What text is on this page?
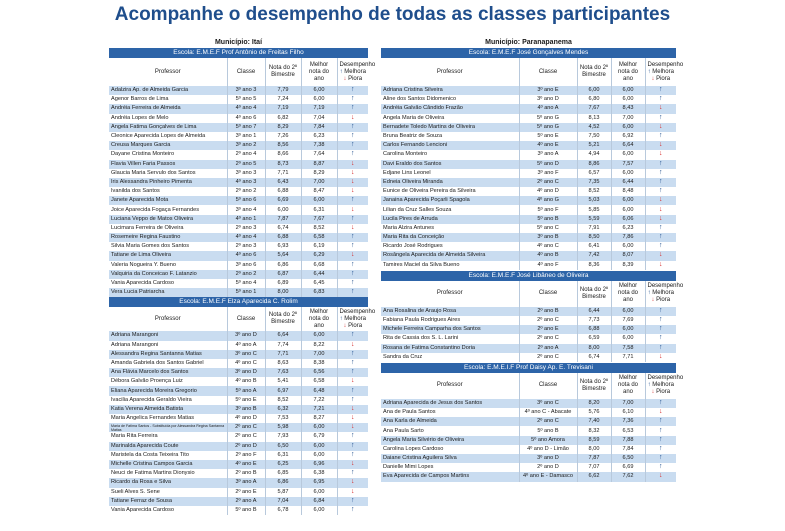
Acompanhe o desempenho de todas as classes participantes
Município: Itaí
Escola: E.M.E.F Prof Antônio de Freitas Filho
Professor	Classe	Nota do 2º Bimestre	Melhor nota do ano	Desempenho
↑ Melhora
↓ Piora
Adalzira Ap. de Almeida Garcia	3º ano 3	7,79	6,00	↑
Agenor Barros de Lima	5º ano 5	7,24	6,00	↑
Andréia Ferreira de Almeida	4º ano 4	7,19	7,19	↑
Andréia Lopes de Melo	4º ano 6	6,82	7,04	↓
Angela Fatima Gonçalves de Lima	5º ano 7	8,29	7,84	↑
Cleonice Aparecida Lopes de Almeida	3º ano 1	7,26	6,23	↑
Creusa Marques Garcia	3º ano 2	8,56	7,38	↑
Dayane Cristina Monteiro	2º ano 4	8,66	7,64	↑
Flavia Villen Faria Passos	2º ano 5	8,73	8,87	↓
Glaucia Maria Servulo dos Santos	3º ano 3	7,71	8,29	↓
Iris Alessandra Pinheiro Pimenta	4º ano 3	6,43	7,00	↓
Ivanilda dos Santos	2º ano 2	6,88	8,47	↓
Janete Aparecida Mota	5º ano 6	6,69	6,00	↑
Joice Aparecida Fogaça Fernandes	3º ano 4	6,00	6,31	↓
Luciana Veppo de Matos Oliveira	4º ano 1	7,87	7,67	↑
Lucimara Ferreira de Oliveira	2º ano 3	6,74	8,52	↓
Rosemeire Regina Faustino	4º ano 4	6,88	6,58	↑
Silvia Maria Gomes dos Santos	2º ano 3	6,93	6,19	↑
Tatiane de Lima Oliveira	4º ano 6	5,64	6,29	↓
Valeria Nogueira Y. Bueno	3º ano 6	6,86	6,68	↑
Valquiria da Conceicao F. Latanzio	2º ano 2	6,87	6,44	↑
Vania Aparecida Cardoso	5º ano 4	6,89	6,45	↑
Vera Lucia Patriarcha	5º ano 1	8,00	6,83	↑
Escola: E.M.E.F Elza Aparecida C. Rolim
Professor	Classe	Nota do 2º Bimestre	Melhor nota do ano	Desempenho
↑ Melhora
↓ Piora
Adriana Marangoni	3º ano D	6,64	6,00	↑
Adriana Marangoni	4º ano A	7,74	8,22	↓
Alessandra Regina Santanna Matias	3º ano C	7,71	7,00	↑
Amanda Gabriela dos Santos Gabriel	4º ano C	8,63	8,38	↑
Ana Flávia Marcelo dos Santos	3º ano D	7,63	6,56	↑
Débora Galvão Proença Luiz	4º ano B	5,41	6,58	↓
Eliana Aparecida Moreira Gregorio	5º ano A	6,97	6,48	↑
Ivacilia Aparecida Geraldo Vieira	5º ano E	8,52	7,22	↑
Katia Verena Almeida Batista	3º ano B	6,32	7,21	↓
Maria Angelica Fernandes Matias	4º ano D	7,53	8,27	↓
Maria de Fatima Santos - Substituída por Alessandra Regina Santanna Matias	2º ano C	5,98	6,00	↓
Maria Rita Ferreira	2º ano C	7,93	6,79	↑
Marinalda Aparecida Coute	2º ano D	6,50	6,00	↑
Maristela da Costa Teixeira Tito	2º ano F	6,31	6,00	↑
Michelle Cristina Campos Garcia	4º ano E	6,25	6,96	↓
Neuci de Fatima Martins Dionysio	2º ano B	6,85	6,38	↑
Ricardo da Rosa e Silva	3º ano A	6,86	6,95	↓
Sueli Alves S. Sene	2º ano E	5,87	6,00	↓
Tatiane Ferraz de Sousa	2º ano A	7,04	6,84	↑
Vania Aparecida Cardoso	5º ano B	6,78	6,00	↑
Município: Paranapanema
Escola: E.M.E.F José Gonçalves Mendes
Professor	Classe	Nota do 2º Bimestre	Melhor nota do ano	Desempenho
↑ Melhora
↓ Piora
Adriana Cristina Silveira	3º ano E	6,00	6,00	↑
Aline dos Santos Didomenico	3º ano D	6,80	6,00	↑
Andréia Galvão Cândido Frazão	4º ano A	7,67	8,43	↓
Angela Maria de Oliveira	5º ano G	8,13	7,00	↑
Bernadete Toledo Martins de Oliveira	5º ano G	4,52	6,00	↓
Bruna Beatriz de Souza	5º ano E	7,50	6,92	↑
Carlos Fernando Lencioni	4º ano E	5,21	6,64	↓
Carolina Monteiro	3º ano A	4,94	6,00	↓
Davi Eraldo dos Santos	5º ano D	8,86	7,57	↑
Edjane Lins Leonel	3º ano F	6,57	6,00	↑
Edneia Oliveira Miranda	2º ano C	7,35	6,44	↑
Eunice de Oliveira Pereira da Silveira	4º ano D	8,52	8,48	↑
Janaina Aparecida Poçarli Spagola	4º ano G	5,03	6,00	↓
Lilian da Cruz Salles Souza	5º ano F	5,85	6,00	↓
Lucila Pires de Arruda	5º ano B	5,59	6,06	↓
Maria Alzira Antunes	5º ano C	7,91	6,23	↑
Maria Rita da Conceição	3º ano B	8,50	7,86	↑
Ricardo José Rodrigues	4º ano C	6,41	6,00	↑
Rosângela Aparecida de Almeida Silveira	4º ano B	7,42	8,07	↓
Tamires Maciel da Silva Bueno	4º ano F	8,36	8,39	↓
Escola: E.M.E.F José Libâneo de Oliveira
Professor	Classe	Nota do 2º Bimestre	Melhor nota do ano	Desempenho
↑ Melhora
↓ Piora
Ana Rosalina de Araujo Rosa	2º ano B	6,44	6,00	↑
Fabiana Paula Rodrigues Aires	2º ano C	7,73	7,69	↑
Michele Ferreira Camparha dos Santos	2º ano E	6,88	6,00	↑
Rita de Cassia dos S. L. Larini	2º ano C	6,59	6,00	↑
Rosana de Fatima Constantino Doria	2º ano A	8,00	7,58	↑
Sandra da Cruz	2º ano C	6,74	7,71	↓
Escola: E.M.E.I.F Prof Daisy Ap. E. Trevisani
Professor	Classe	Nota do 2º Bimestre	Melhor nota do ano	Desempenho
↑ Melhora
↓ Piora
Adriana Aparecida de Jesus dos Santos	3º ano C	8,20	7,00	↑
Ana de Paula Santos	4º ano C - Abacate	5,76	6,10	↓
Ana Karla de Almeida	2º ano C	7,40	7,36	↑
Ana Paula Sarto	5º ano B	8,32	6,53	↑
Angela Maria Silvério de Oliveira	5º ano Amora	8,59	7,88	↑
Carolina Lopes Cardoso	4º ano D - Limão	8,00	7,84	↑
Daiane Cristina Aguilera Silva	3º ano D	7,87	6,50	↑
Danielle Mimi Lopes	2º ano D	7,07	6,69	↑
Eva Aparecida de Campos Martins	4º ano E - Damasco	6,62	7,62	↓
